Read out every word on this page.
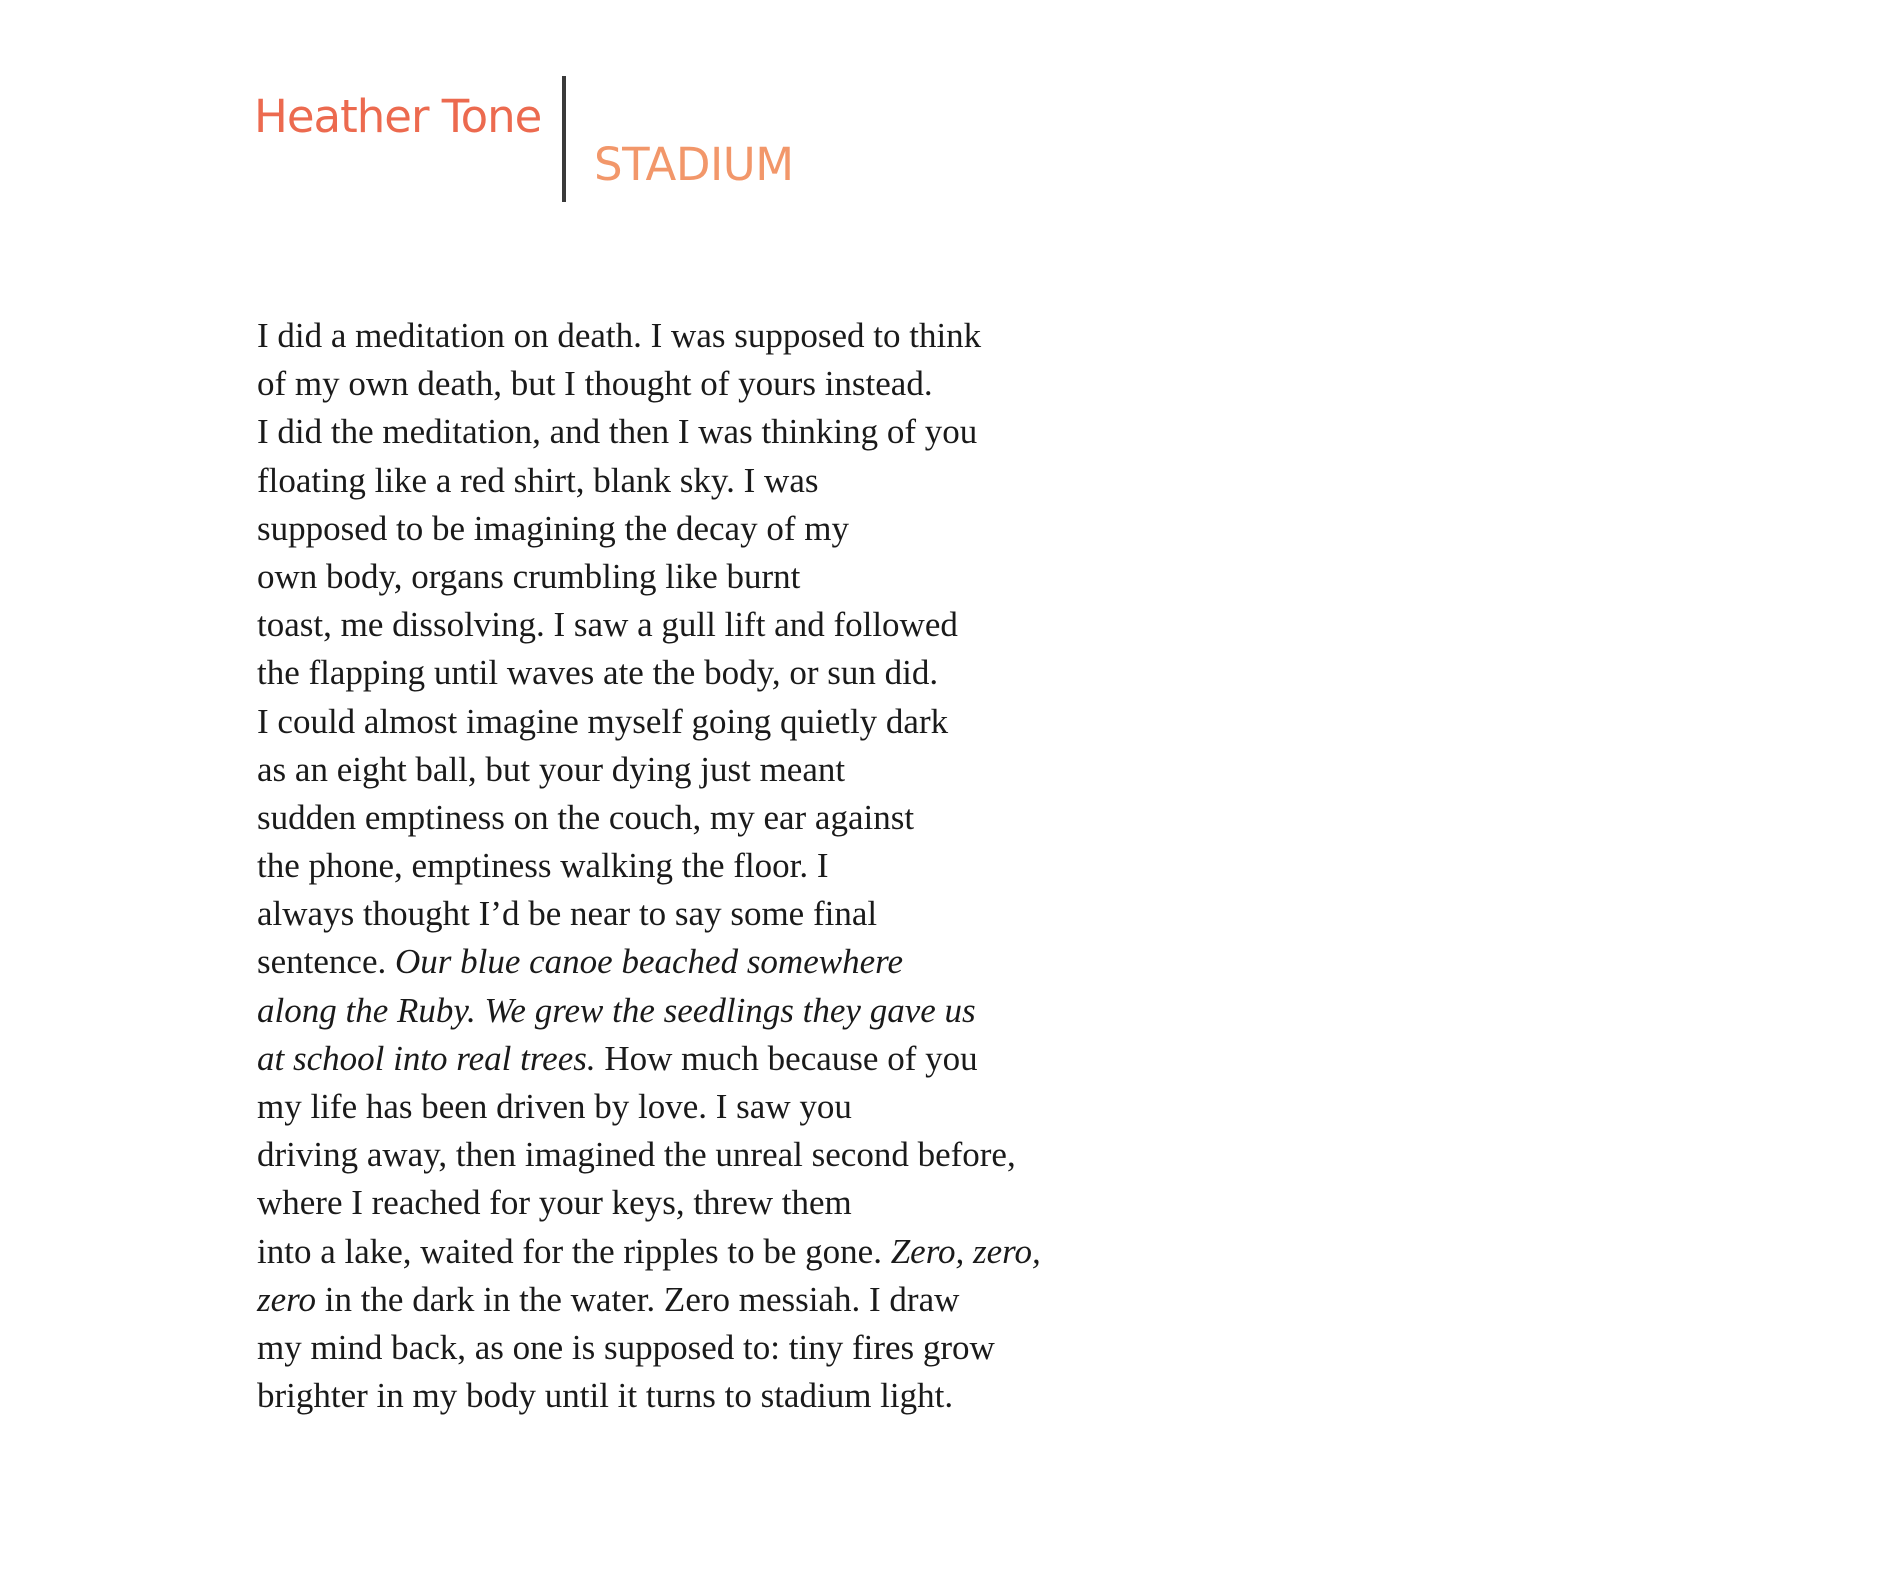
Heather Tone
STADIUM
I did a meditation on death. I was supposed to think
of my own death, but I thought of yours instead.
I did the meditation, and then I was thinking of you
floating like a red shirt, blank sky. I was
supposed to be imagining the decay of my
own body, organs crumbling like burnt
toast, me dissolving. I saw a gull lift and followed
the flapping until waves ate the body, or sun did.
I could almost imagine myself going quietly dark
as an eight ball, but your dying just meant
sudden emptiness on the couch, my ear against
the phone, emptiness walking the floor. I
always thought I’d be near to say some final
sentence. Our blue canoe beached somewhere
along the Ruby. We grew the seedlings they gave us
at school into real trees. How much because of you
my life has been driven by love. I saw you
driving away, then imagined the unreal second before,
where I reached for your keys, threw them
into a lake, waited for the ripples to be gone. Zero, zero,
zero in the dark in the water. Zero messiah. I draw
my mind back, as one is supposed to: tiny fires grow
brighter in my body until it turns to stadium light.
